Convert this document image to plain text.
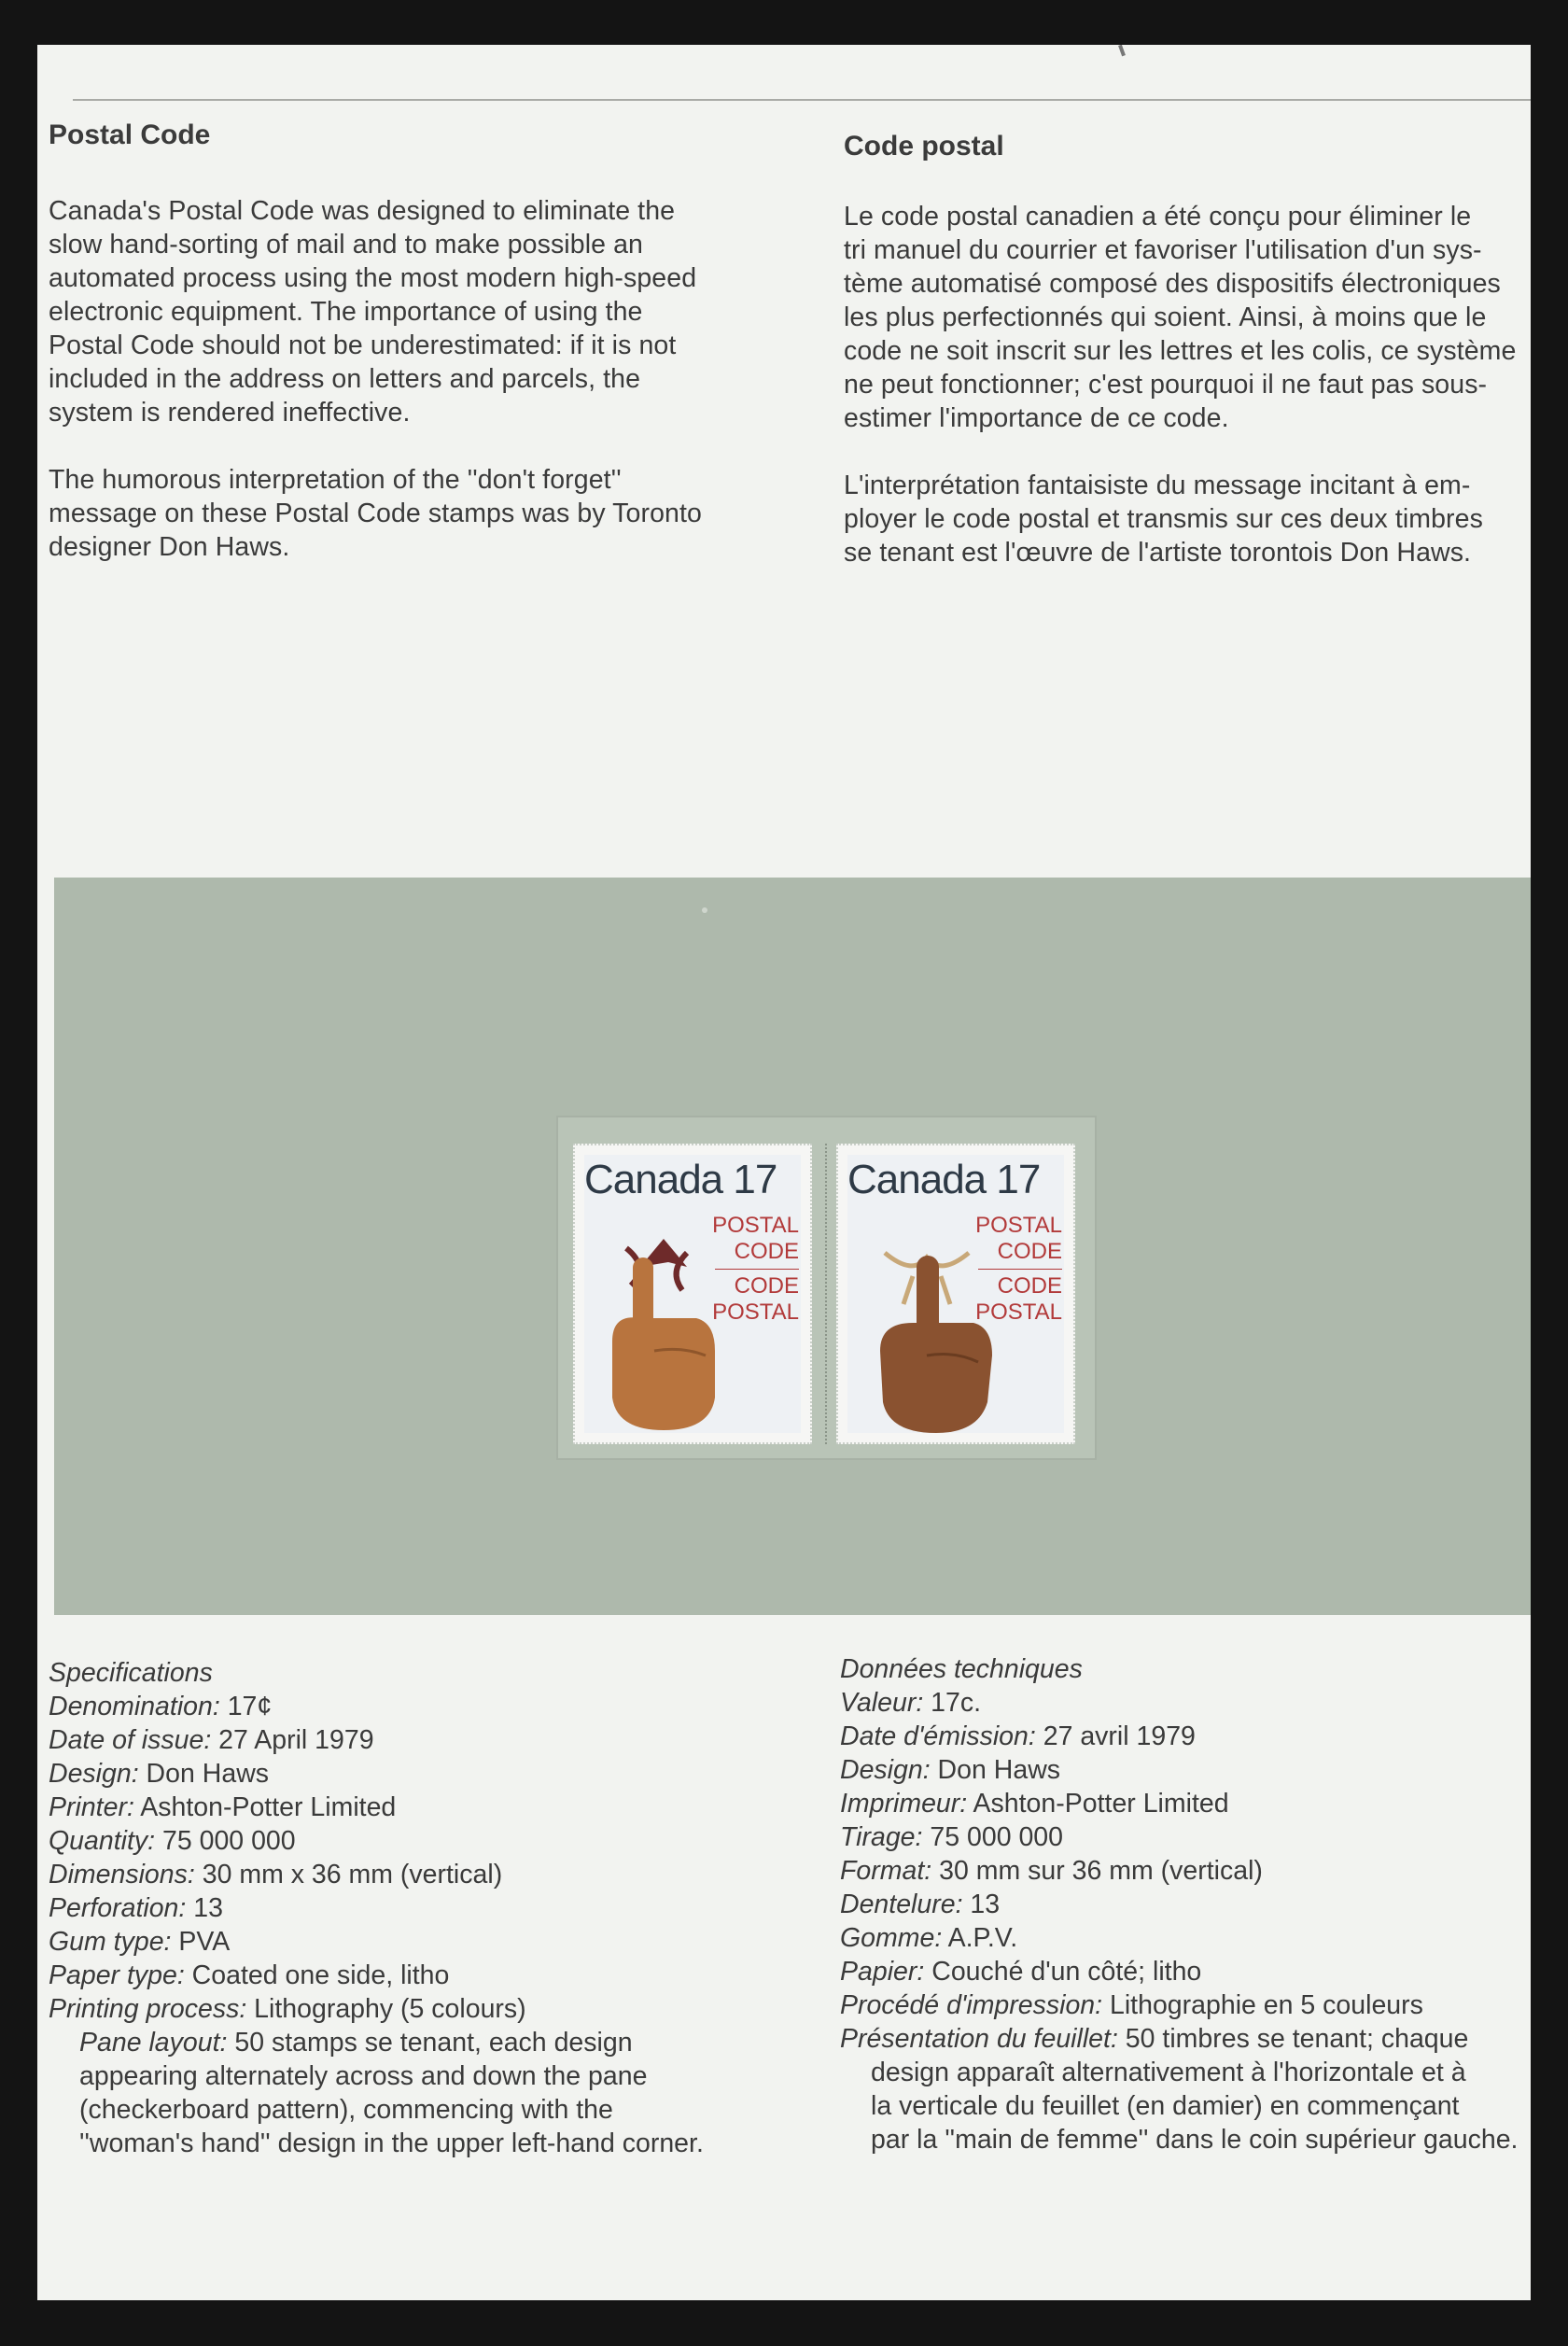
Postal Code	Code postal

Canada's Postal Code was designed to eliminate the
slow hand-sorting of mail and to make possible an
automated process using the most modern high-speed
electronic equipment. The importance of using the
Postal Code should not be underestimated: if it is not
included in the address on letters and parcels, the
system is rendered ineffective.

The humorous interpretation of the ''don't forget''
message on these Postal Code stamps was by Toronto
designer Don Haws.

Le code postal canadien a été conçu pour éliminer le
tri manuel du courrier et favoriser l'utilisation d'un sys-
tème automatisé composé des dispositifs électroniques
les plus perfectionnés qui soient. Ainsi, à moins que le
code ne soit inscrit sur les lettres et les colis, ce système
ne peut fonctionner; c'est pourquoi il ne faut pas sous-
estimer l'importance de ce code.

L'interprétation fantaisiste du message incitant à em-
ployer le code postal et transmis sur ces deux timbres
se tenant est l'œuvre de l'artiste torontois Don Haws.

Canada 17
POSTAL
CODE
CODE
POSTAL
Canada 17
POSTAL
CODE
CODE
POSTAL
Specifications
Denomination: 17¢
Date of issue: 27 April 1979
Design: Don Haws
Printer: Ashton-Potter Limited
Quantity: 75 000 000
Dimensions: 30 mm x 36 mm (vertical)
Perforation: 13
Gum type: PVA
Paper type: Coated one side, litho
Printing process: Lithography (5 colours)
Pane layout: 50 stamps se tenant, each design
appearing alternately across and down the pane
(checkerboard pattern), commencing with the
''woman's hand'' design in the upper left-hand corner.
Données techniques
Valeur: 17c.
Date d'émission: 27 avril 1979
Design: Don Haws
Imprimeur: Ashton-Potter Limited
Tirage: 75 000 000
Format: 30 mm sur 36 mm (vertical)
Dentelure: 13
Gomme: A.P.V.
Papier: Couché d'un côté; litho
Procédé d'impression: Lithographie en 5 couleurs
Présentation du feuillet: 50 timbres se tenant; chaque
design apparaît alternativement à l'horizontale et à
la verticale du feuillet (en damier) en commençant
par la ''main de femme'' dans le coin supérieur gauche.
